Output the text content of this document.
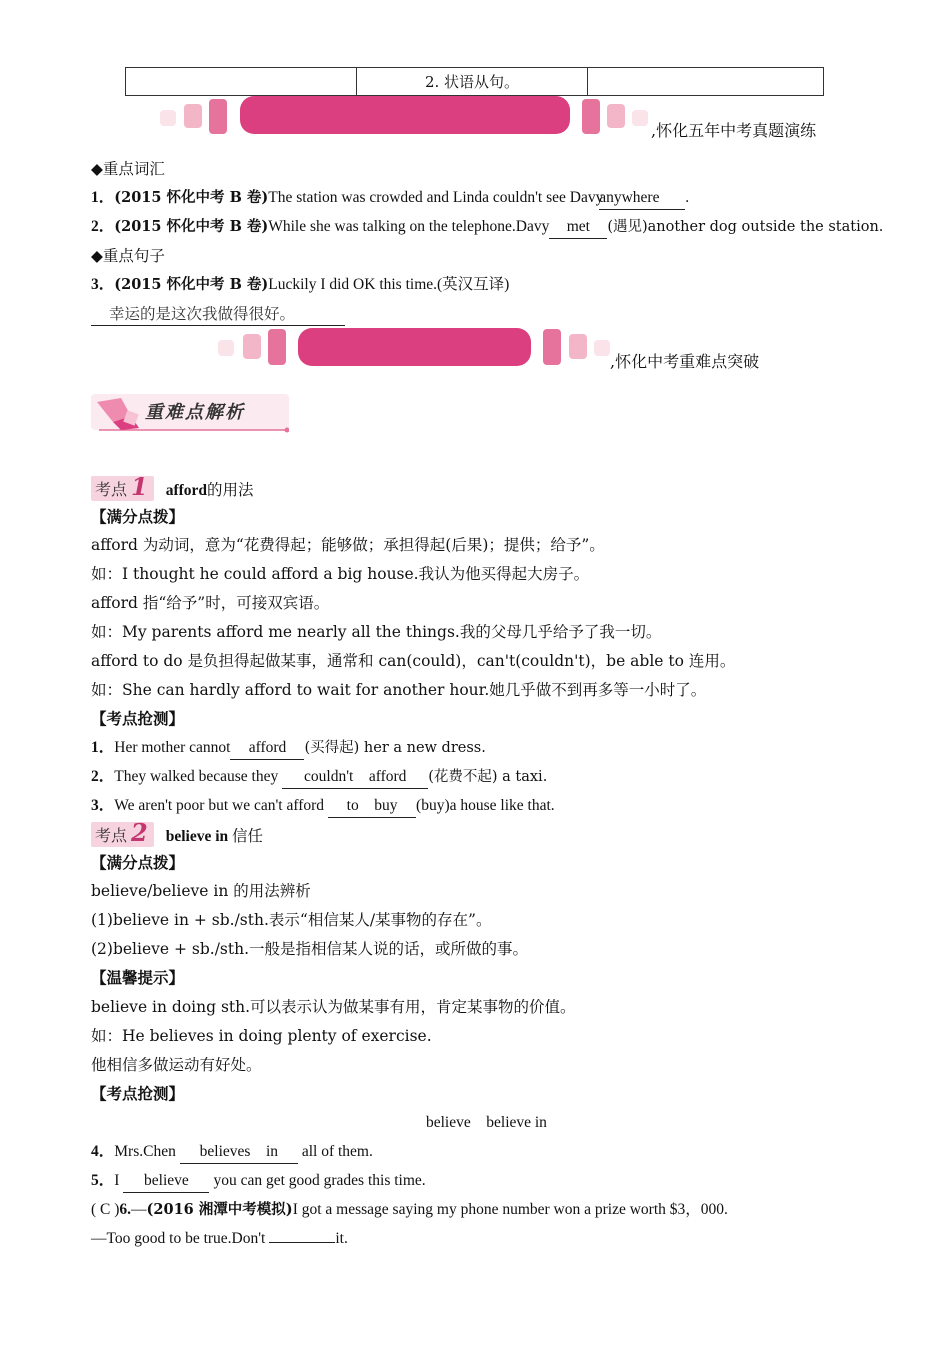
2. 状语从句。
,怀化五年中考真题演练
◆重点词汇
1．(2015 怀化中考 B 卷)The station was crowded and Linda couldn't see Davy anywhere .
2．(2015 怀化中考 B 卷)While she was talking on the telephone.Davy met (遇见)another dog outside the station.
◆重点句子
3．(2015 怀化中考 B 卷)Luckily I did OK this time.(英汉互译)
幸运的是这次我做得很好。
,怀化中考重难点突破
重难点解析
考点 1 afford的用法
【满分点拨】
afford 为动词，意为“花费得起；能够做；承担得起(后果)；提供；给予”。
如：I thought he could afford a big house.我认为他买得起大房子。
afford 指“给予”时，可接双宾语。
如：My parents afford me nearly all the things.我的父母几乎给予了我一切。
afford to do 是负担得起做某事，通常和 can(could)，can't(couldn't)，be able to 连用。
如：She can hardly afford to wait for another hour.她几乎做不到再多等一小时了。
【考点抢测】
1．Her mother cannot afford (买得起) her a new dress.
2．They walked because they couldn't　afford (花费不起) a taxi.
3．We aren't poor but we can't afford to　buy (buy)a house like that.
考点 2 believe in 信任
【满分点拨】
believe/believe in 的用法辨析
(1)believe in + sb./sth.表示“相信某人/某事物的存在”。
(2)believe + sb./sth.一般是指相信某人说的话，或所做的事。
【温馨提示】
believe in doing sth.可以表示认为做某事有用，肯定某事物的价值。
如：He believes in doing plenty of exercise.
他相信多做运动有好处。
【考点抢测】
believe　believe in
4．Mrs.Chen believes　in all of them.
5．I believe you can get good grades this time.
( C )6.—(2016 湘潭中考模拟)I got a message saying my phone number won a prize worth $3，000.
—Too good to be true.Don't	it.
